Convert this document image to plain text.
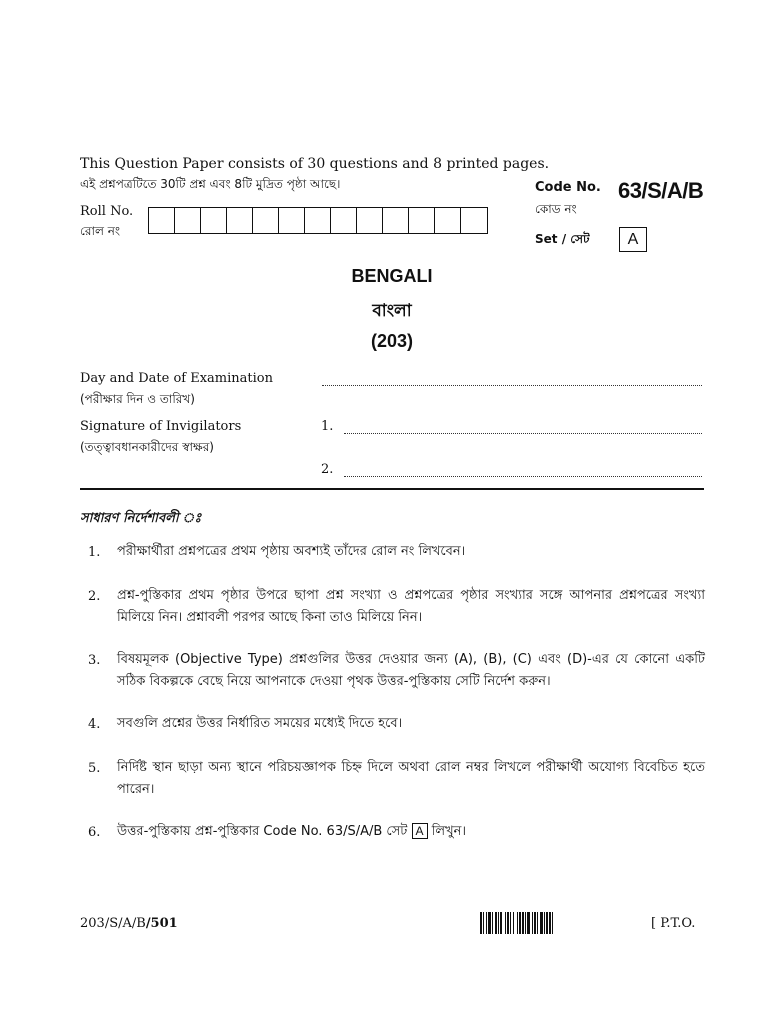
This Question Paper consists of 30 questions and 8 printed pages.
এই প্রশ্নপত্রটিতে 30টি প্রশ্ন এবং 8টি মুদ্রিত পৃষ্ঠা আছে।
Roll No.
রোল নং
Code No.
কোড নং
63/S/A/B
Set / সেট	A
BENGALI
বাংলা
(203)
Day and Date of Examination
(পরীক্ষার দিন ও তারিখ)
Signature of Invigilators
(তত্ত্বাবধানকারীদের স্বাক্ষর)
1.
2.
সাধারণ নির্দেশাবলী ঃ
1. পরীক্ষার্থীরা প্রশ্নপত্রের প্রথম পৃষ্ঠায় অবশ্যই তাঁদের রোল নং লিখবেন।
2. প্রশ্ন-পুস্তিকার প্রথম পৃষ্ঠার উপরে ছাপা প্রশ্ন সংখ্যা ও প্রশ্নপত্রের পৃষ্ঠার সংখ্যার সঙ্গে আপনার প্রশ্নপত্রের সংখ্যা মিলিয়ে নিন। প্রশ্নাবলী পরপর আছে কিনা তাও মিলিয়ে নিন।
3. বিষয়মূলক (Objective Type) প্রশ্নগুলির উত্তর দেওয়ার জন্য (A), (B), (C) এবং (D)-এর যে কোনো একটি সঠিক বিকল্পকে বেছে নিয়ে আপনাকে দেওয়া পৃথক উত্তর-পুস্তিকায় সেটি নির্দেশ করুন।
4. সবগুলি প্রশ্নের উত্তর নির্ধারিত সময়ের মধ্যেই দিতে হবে।
5. নির্দিষ্ট স্থান ছাড়া অন্য স্থানে পরিচয়জ্ঞাপক চিহ্ন দিলে অথবা রোল নম্বর লিখলে পরীক্ষার্থী অযোগ্য বিবেচিত হতে পারেন।
6. উত্তর-পুস্তিকায় প্রশ্ন-পুস্তিকার Code No. 63/S/A/B সেট A লিখুন।
203/S/A/B/501	[ P.T.O.
